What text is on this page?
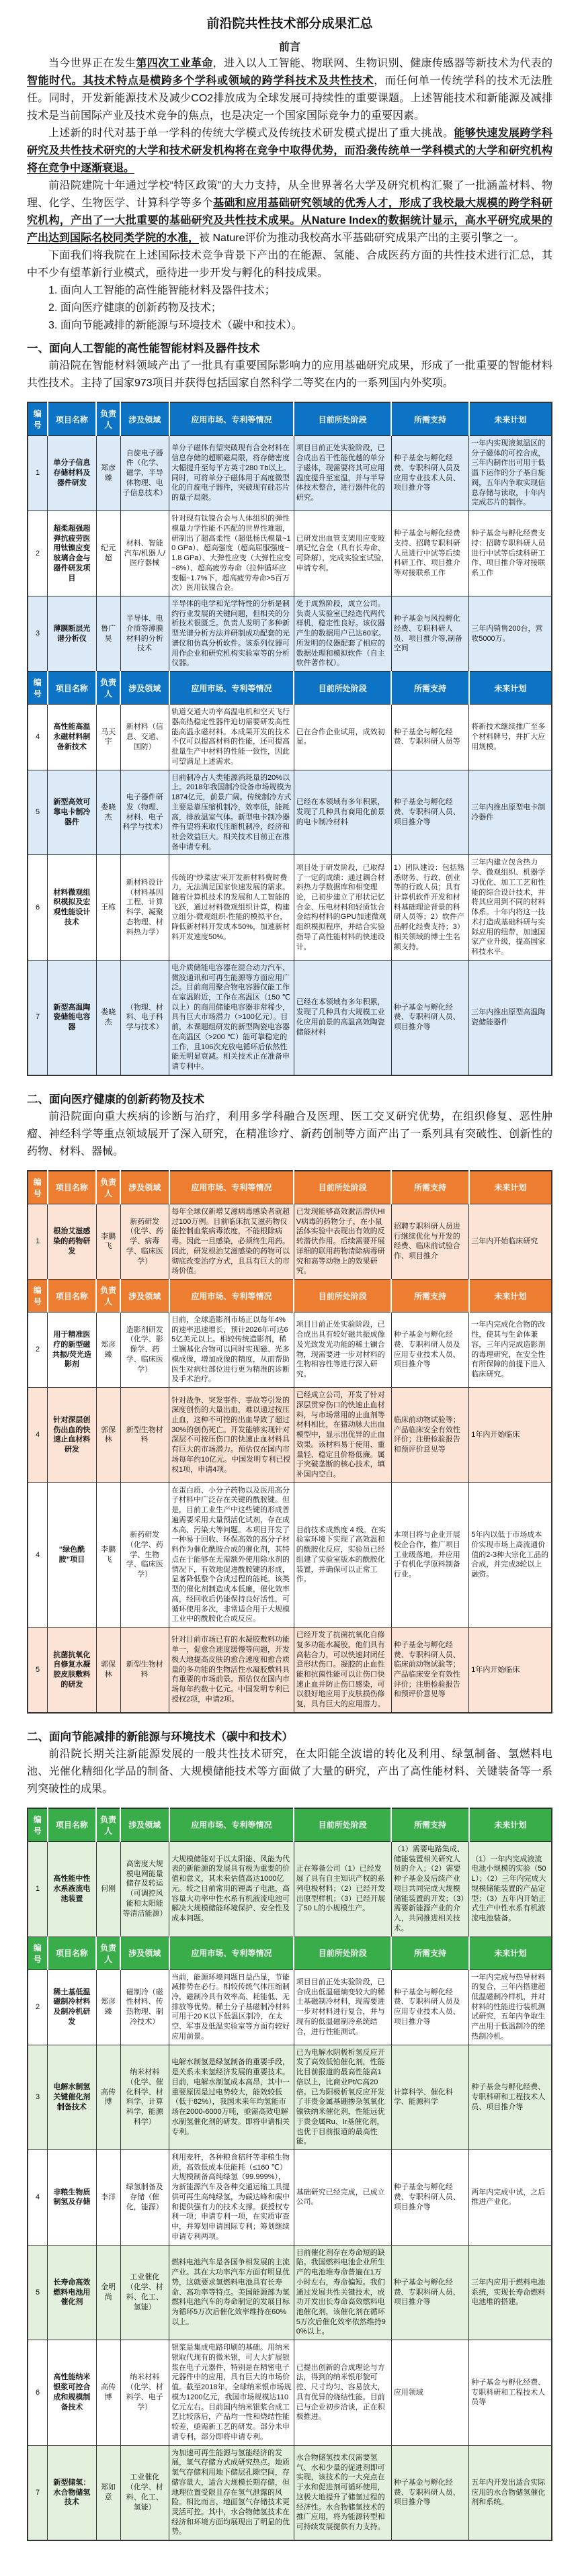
前沿院共性技术部分成果汇总
前言

当今世界正在发生第四次工业革命，进入以人工智能、物联网、生物识别、健康传感器等新技术为代表的智能时代。其技术特点是横跨多个学科或领域的跨学科技术及共性技术，而任何单一传统学科的技术无法胜任。同时，开发新能源技术及减少CO2排放成为全球发展可持续性的重要课题。上述智能技术和新能源及减排技术是当前国际产业及技术竞争的焦点，也是决定一个国家国际竞争力的重要因素。

上述新的时代对基于单一学科的传统大学模式及传统技术研发模式提出了重大挑战。能够快速发展跨学科研究及共性技术研究的大学和技术研发机构将在竞争中取得优势，而沿袭传统单一学科模式的大学和研究机构将在竞争中逐渐衰退。

前沿院建院十年通过学校“特区政策”的大力支持，从全世界著名大学及研究机构汇聚了一批涵盖材料、物理、化学、生物医学、计算科学等多个基础和应用基础研究领域的优秀人才，形成了我校最大规模的跨学科研究机构，产出了一大批重要的基础研究及共性技术成果。从Nature Index的数据统计显示，高水平研究成果的产出达到国际名校同类学院的水准，被 Nature评价为推动我校高水平基础研究成果产出的主要引擎之一。

下面我们将我院在上述国际技术竞争背景下产出的在能源、氢能、合成医药方面的共性技术进行汇总，其中不少有望革新行业模式，亟待进一步开发与孵化的科技成果。

1. 面向人工智能的高性能智能材料及器件技术；
2. 面向医疗健康的创新药物及技术；
3. 面向节能减排的新能源与环境技术（碳中和技术）。
一、面向人工智能的高性能智能材料及器件技术

前沿院在智能材料领域产出了一批具有重要国际影响力的应用基础研究成果，形成了一批重要的智能材料共性技术。主持了国家973项目并获得包括国家自然科学二等奖在内的一系列国内外奖项。

编号	项目名称	负责人	涉及领域	应用市场、专利等情况	目前所处阶段	所需支持	未来计划
1	单分子信息存储材料及器件研发	郑彦臻	自旋电子器件（化学、磁学、半导体物理、电子信息技术）	单分子磁体有望突破现有合金材料在信息存储的超顺磁局限，将存储密度大幅提升至每平方英寸280 Tb以上。同时，可将单分子磁体用于高度微型化的自旋电子器件，突破现有硅芯片的量子局限。	项目目前正处实验阶段，已合成出若干性能优越的单分子磁体，现需要将其可应用温度提升至室温，并与半导体技术整合，进行器件化的研究。	种子基金与孵化经费、专职科研人员及应用专业技术人员、项目推介等	一年内实现液氮温区的分子磁体的可控合成，三年内制作出可用于低温下运作的分子基自旋阀，五年内争取实现信息存储与读取，十年内完成芯片的制作。
2	超柔超强超弹抗疲劳医用钛镍应变玻璃合金与器件研发项目	纪元超	材料、智能汽车/机器人/医疗器械	针对现有钛镍合金与人体组织的弹性模量力学性能不匹配的世界性难题，研制出了超高柔性（超低杨氏模量~10 GPa）、超高强度（超高屈服强度~1.8 GPa）、大弹性应变（大弹性应变~8%）、超高疲劳寿命（拉伸循环应变幅~1.7%下，超高疲劳寿命>5百万次）医用钛镍合金。	已研发出血管支架用应变玻璃记忆合金（具有长寿命、可降解），完成实验室试验，申请专利。	种子基金与孵化经费支持、招聘专职科研人员进行中试等后续科研工作、项目推介等对接联系工作	种子基金与孵化经费支持：招聘专职科研人员进行中试等后续科研工作、项目推介等对接联系工作
3	薄膜断层光谱分析仪	鲁广昊	半导体、电介质等薄膜材料的分析技术	半导体的电学和光学特性的分析是制约行业发展的关键问题，但相关的分析技术很匮乏。负责人发明了多种新型光谱分析方法并研制成功配套的光谱仪和仿真分析软件。该系列仪器可用作企业和研究机构实验室等的分析仪器。	处于成熟阶段，成立公司。负责人实验室已经迭代两代样机，稳定性良好。该仪器产生的数据用户已达60家。所发明的仪器配套了相应的数据处理和模拟软件（自主软件著作权）。	种子基金与风投孵化经费、专职科研人员、项目推介等,制备空间	三年内销售200台，营收5000万。
编号	项目名称	负责人	涉及领域	应用市场、专利等情况	目前所处阶段	所需支持	未来计划
4	高性能高温永磁材料制备新技术	马天宇	新材料（信息、交通、国防）	轨道交通大功率高温电机和空天飞行器高热稳定性器件迫切需要研发高性能高温永磁材料。本成果开发的技术不仅可以提高材料的性能，还可提高批量生产中材料的性能一致性，因此可望满足上述需求。	已在合作企业试用，成效初显。	种子基金与孵化经费、专职科研人员等	将新技术继续推广至多个材料牌号，并扩大应用规模。
5	新型高效可靠电卡制冷器件	娄晓杰	电子器件研发（物理、材料、电子科学与技术）	目前制冷占人类能源消耗量的20%以上。2018年我国制冷设备市场规模为1874亿元，前景广阔。传统制冷方式主要是靠压缩机制冷，效率低，能耗高，排放温室气体。新型电卡制冷器件有望将来取代压缩机制冷，经济和社会效益巨大。相关技术目前正在准备申请专利。	已经在本领域有多年积累，发现了几种具有商用化前景的电卡制冷材料	种子基金与孵化经费、专职科研人员、项目推介等	三年内推出原型电卡制冷器件
6	材料微观组织模拟及宏观性能设计技术	王栋	新材料设计（材料基因工程、计算科学、凝聚态物理、材料热力学）	传统的“炒菜法”来开发新材料费时费力，无法满足国家快速发展的需求。随着计算机技术的发展和人工智能的飞跃，通过材料微观组织计算，构建立组分-微观组织-性能的模拟平台，降低新材料开发成本50%，加速新材料开发速度50%。	项目处于研发阶段，已取得了一定的成绩：通过耦合材料热力学数据库和相变理论，已初步建立了形状记忆合金、压电材料和轻质钛合金结构材料的GPU加速微观组织模拟程序，并结合实验指导了高性能材料的快速设计。	1）团队建设：包括熟悉财务、行政、创业等的行政人员；具有计算机软件开发和材料基础理论背景的科研人员等；2）软件产品孵化经费支持；3）相关领域的博士生名额支持。	三年内建立包含热力学、微观组织、机器学习优化、加工工艺和性能的综合设计技术，并将其应用到不同的材料体系。十年内将这一技术打造成基础科研与实际应用的纽带，加速国家产业升级，提高国家科技水平。
7	新型高温陶瓷储能电容器	娄晓杰	（物理、材料、电子科学与技术）	电介质储能电容器在混合动力汽车、微波通讯和可再生能源等方面应用广泛。目前商用聚合物电容器仅能工作在室温附近，工作在高温区（150 ℃以上）的商用储能电容器非常稀少，具有巨大市场潜力（>100亿元）。目前，本课题组研发的新型陶瓷电容器在高温区（>200 ℃）能可靠稳定的工作，且106次充放电循环后依然性能无明显衰减。相关技术正在准备申请专利中。	已经在本领域有多年积累，发现了几种具有大规模工业化应用前景的高温高效陶瓷储能材料	种子基金与孵化经费、专职科研人员、项目推介等	三年内推出原型高温陶瓷储能器件
二、面向医疗健康的创新药物及技术

前沿院面向重大疾病的诊断与治疗，利用多学科融合及医理、医工交叉研究优势，在组织修复、恶性肿瘤、神经科学等重点领域展开了深入研究，在精准诊疗、新药创制等方面产出了一系列具有突破性、创新性的药物、材料、器械。

编号	项目名称	负责人	涉及领域	应用市场、专利等情况	目前所处阶段	所需支持	未来计划
1	根治艾滋感染的药物研发	李鹏飞	新药研发（化学、药学、病毒学、临床医学）	每年全球仅新增艾滋病毒感染者就超过100万例。目前临床抗艾滋药物仅能控制血浆病毒浓度，不能根除病毒。因此一旦感染，必须终生用药。因此，研发根治艾滋感染的药物可以彻底改变治疗方式，且具有巨大的市场价值。	已发现能够高效激活潜伏HIV病毒的药物分子，在小鼠活体实验中表现出有效的反转潜伏作用。后续需要开展详细的联用药物清除病毒研究和高等动物上的效果研究。	招聘专职科研人员进行继续优化与开发的经费、临床前试验合作、项目推介	三年内开始临床研究
编号	项目名称	负责人	涉及领域	应用市场、专利等情况	目前所处阶段	所需支持	未来计划
2	用于精准医疗的新型磁共振/荧光造影剂	郑彦臻	造影剂研发（化学、影像学、药学、临床医学）	目前，全球造影剂市场正以每年4%的速率迅速增长，预计2026年可达65亿美元以上。相较传统造影剂，稀土镧基化合物可以同时实现磁、光多模成像，增加成像的精度，从而帮助医生对病灶部位进行更为精准的诊断及手术治疗。	项目目前正处实验阶段，已合成出具有较好磁共振成像及光致发光功能的稀土镧合物，现需要进一步对材料的生物相容性等进行深入研究。	种子基金与孵化经费、专职科研人员及应用专业技术人员、项目推介等	一年内完成化合物的改性，使其与生命体兼容，三年内完成造影剂的毒理研究，在安全性有所保障的前提下进入临床研究。
4	针对深层创伤出血的快速止血材料研发	郭保林	新型生物材料	针对战争、突发事件、事故等引发的深度创伤的大量出血，难以通过按压止血，这种不可控的出血导致了超过30%的创伤死亡。开发能够实现针对深层不可按压伤口的快速止血材料具有巨大的市场潜力。预估仅在国内市场每年约10亿元。中国发明专利已授权1项，申请4项。	已经成立公司，开发了针对深层贯穿伤口的快速止血材料，与市场常用的止血剂等材料相比，在猪动脉大出血模型中，显示出优异的止血效果。该材料易于使用、重量轻、稳定且价格低廉。属于突破垄断的核心技术，填补国内空白。	临床前动物试验等；产品临床安全有效性评价；注册检验报告和预评价意见等	1年内开始临床
4	“绿色酰胺”项目	李鹏飞	新药研发（化学、药学、生物学、临床医学）	在蛋白质、小分子药物以及医用高分子材料中广泛存在关键的酰胺键。但是，目前工业生产中这些键的形成普遍需要采用大量预活化试剂，存在成本高、污染大等问题。本项目开发了一种易于回收、环保高效的高分子材料作为催化酰胺合成的催化剂，其特点在于能够在无需额外使用除水剂的情况下，有效地促进酰胺键的形成，显著降低整个合成过程的能耗。该类型的催化剂制造成本低廉，催化效率高，经回收后仍能保持良好活性，可循环使用多次，非常适合用于大规模工业中的酰胺化合成反应。	目前技术成熟度 4 级。在实验室环境下实现了高效温和的酰胺化反应，实验员已经组建了实验室版本的酰胺化装置，并确保可以正常工作。	本项目将与企业开展校企合作，推广项目工业级落地，并应用于有机化学原料制备行业。	5年内以低于市场成本价实现市场上高流通价值的2-3种大宗化工品的合成，并完成3轮以上融资。
5	抗菌抗氧化自修复水凝胶皮肤敷料的研发	郭保林	新型生物材料	针对目前市场已有的水凝胶敷料功能单一，促愈合速度缓慢等问题，开发极大地提高皮肤的愈合速度和愈合质量的多功能的生物活性水凝胶敷料具有重要的市场前景。预估仅在国内市场每年约数十亿元。中国发明专利已授权2项，申请2项。	已经开发了抗菌抗氧化自修复多功能水凝胶，他们具有高粘合力，可以快速封闭任意形状伤口。凝胶的止血性能和抗菌性能可以让伤口快速止血并防止伤口感染，可以很好地应用于皮肤损伤修复，具有巨大的应用潜力。	种子基金与孵化经费、专职科研人员、临床前动物试验等；产品临床安全有效性评价；注册检验报告和预评价意见等	1年内开始临床
二、面向节能减排的新能源与环境技术（碳中和技术）

前沿院长期关注新能源发展的一般共性技术研究，在太阳能全波谱的转化及利用、绿氢制备、氢燃料电池、光催化精细化学品的制备、大规模储能技术等方面做了大量的研究，产出了高性能材料、关键装备等一系列突破性的成果。

编号	项目名称	负责人	涉及领域	应用市场、专利等情况	目前所处阶段	所需支持	未来计划
1	高性能中性水系液流电池装置	何刚	高密度大规模电网能量储存及转运（可调控风能和太阳能等清洁能源）	大规模储能对于以太阳能、风能为代表的新能源的发展具有极为重要的价值和意义，其未来估值高达1000亿元。较之目前常用的锂离子电池，高容量大功率中性水系有机液流电池可解决大规模储能环境保护、安全性及成本问题。	正在筹备公司（1）已经发展了具有自主知识产权的系列电极材料；（2）已经开发出原型样机；（3）已经开展了50 L的小规模生产。	（1）需要电路集成、储能装置相关研究人员的介入；（2）需要种子基金及后续产业项目共同完成大规模储能装置的开发；（3）需要新能源产业的介入，共同推进相关技术。	（1）一年内完成液流电池小规模的实验（50L）；（2）三年内完成大规模储能装置的产品定型；（3）五年内开始正式生产中性水系有机液流电池装备。
编号	项目名称	负责人	涉及领域	应用市场、专利等情况	目前所处阶段	所需支持	未来计划
2	稀土基低温磁制冷材料及制冷机研发	郑彦臻	磁制冷（磁性材料、传热物理、制冷技术）	当前，能源环境问题日益凸显，节能减排势在必行。相较传统气体压缩制冷，磁制冷具有效率高、耗能低、无排放等优势。稀土分子基磁制冷材料可用于20 K以下低温区制冷，在太空、军事及低温实验室等方面有较好应用前景。	项目目前正处实验阶段，已合成出低温磁熵变较大的稀土基磁制冷材料，现需要进一步对材料进行复合，并与现有的低温磁制冷系统结合，进行性能测试。	种子基金与孵化经费、专职科研人员及应用专业技术人员、项目推介等	一年内完成与热导材料的复合，三年内搭建超低温磁制冷样机，并对材料的性能进行装机测试研究，五年内争取生产出用于低温制冷的绝热制冷机。
3	电解水制氢关键催化剂制备技术	高传博	纳米材料（化学、催化科学、材料学、计算科学、能源科学）	电解水制氢是绿氢制备的重要手段，是关系未来氢经济发展的重要技术。目前，电解水制氢成本高昂，其中一重要原因是过电势较大，能效较低（低于82%），我国未来年均氢能市场在2000-6000万吨，亟需高效电解水制氢催化剂的研发。即将申请相关专利。	已为电解水阴极析氢反应开发了高效低铂催化剂，性能比目前报道的最高性能高1倍以上，比商业Pt/C高20倍。已为阳极析氧反应开发了非贵金属基硼掺杂氢氧化镍铁纳米催化剂，性能远优于贵金属Ru、Ir基催化剂，也优于目前报道的最高性能。	计算科学、催化科学、能源科学	种子基金与孵化经费、专职科研和工程技术人员、项目推介等
4	非粮生物质制氢及存储	李洋	绿氢制备及存储（催化，能源）	利用麦秆，各种粮食秸秆等非粮生物质，高效低成本低能耗（≤160 ℃）大规模制备高纯绿氢（99.999%），为新能源汽车及各种交通运输工具提供可再生高纯绿氢，为碳达峰和碳中和提供强有力的技术支撑。获授权专利一项；申请专利一项，在实质审查中，并筹划申请国际专利；筹划继续申请专利两项。	基础研究已经完成，已成立公司。	种子基金与孵化经费、专职科研人员、项目推介等	两年内完成中试，之后推进产业化。
5	长寿命高效燃料电池用催化剂	金明尚	工业催化（化学、材料、化工、氢能）	燃料电池汽车是各国争相发展的主流产业。其在大功率汽车方面有明显优势，这就要求氢燃料电池具有长寿命、高功率等特点。美国能源部为氢燃料电池汽车的寿命制定的发展目标为循环5万次后催化效率维持在60%以上。	目前催化剂存在寿命短的缺陷。我国燃料电池企业所生产的电池堆寿命普遍在1万小时左右，寿命偏短。我们通过发展共性关键技术，成功开发出长寿命高效燃料电池催化剂，该催化剂在循环5万次后催化效率依然维持90%以上。	种子基金与孵化经费、专职科研人员、项目推介等	三年内应用于燃料电池系统，实现长寿命燃料电池堆的搭建。
6	高性能纳米银浆可控合成和规模制备技术	高传博	纳米材料（化学、材料学、电子学）	银浆是集成电路印刷的基础。用纳米银取代现有的微米银，可大大扩展银浆在电子元器件，特别是在精密电子元器件中的应用，具有巨大的市场价值。截至2018年，全球纳米银市场规模为1200亿元，我国市场规模达110亿元左右。目前国内纳米银浆合成工艺比较落后，产品均一性和烧结性能较差，亟需新工艺的研发。部分未申请专利，部分即将申请专利。	已提出创新的合成理论与方法，得到的纳米银形貌可控、尺寸均匀、容易放大，具有优异的烧结性能。目前已与企业初步洽谈，正在积极推进。	应用领域	种子基金与孵化经费、专职科研和工程技术人员等
7	新型储氢：水合物储氢技术	郑如意	工业催化（化学、材料、化工、氢能）	为加速可再生能源与氢能经济的发展，氢气存储方式成研究热点。地质氢气存储利用地下储层孔隙空间，存储容量大，适合大规模长期存储，但地理位置受限且存在氢气泄露的风险。相比而言，地面氢气存储技术更灵活可控。其中，水合物储氢技术在经济和环境方面均展现出了明显的优势。	水合物储氢技术仅需要氢气、水和少量的促进剂即可实现，该技术的一大亮点在于水和促进剂可循环使用，这极大地提升了储氢过程的经济性。水合物储氢技术的推广应用，将为能源转型和可持续发展提供有力支持。	种子基金与孵化经费、专职科研人员、项目推介等	五年内开发出适合实际应用的水合物储氢催化剂和系统。
